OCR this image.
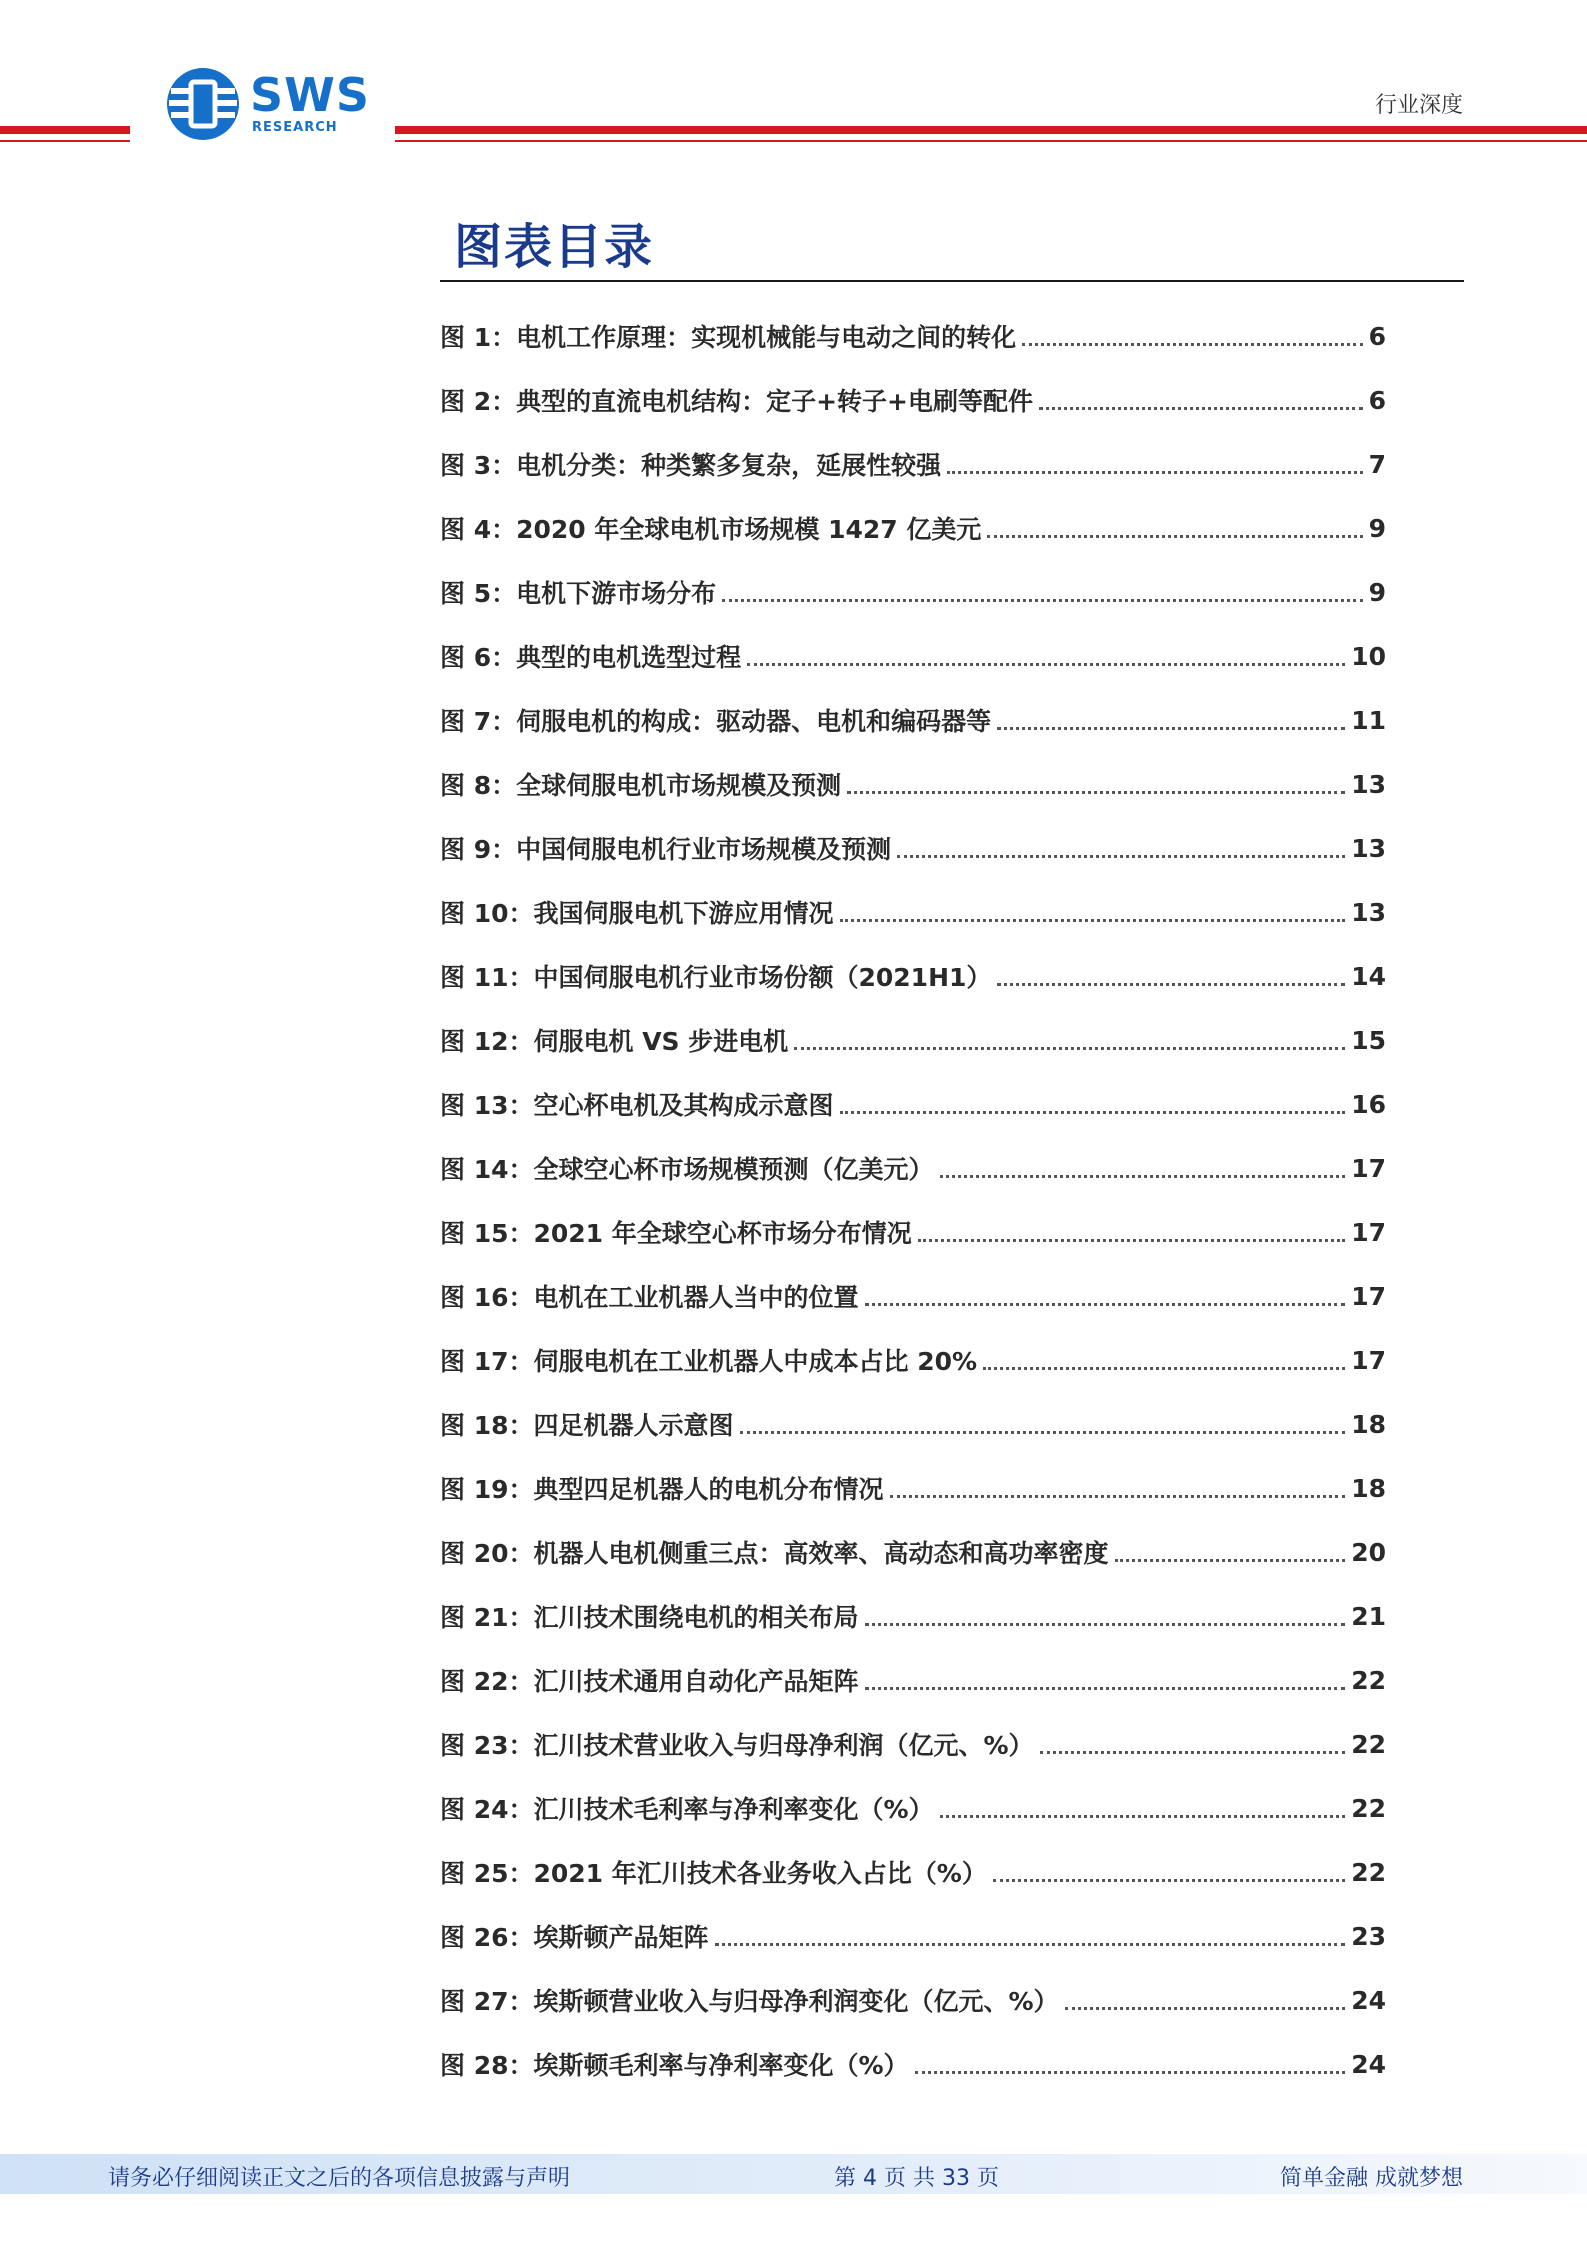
SWS
RESEARCH
行业深度
图表目录
图 1：电机工作原理：实现机械能与电动之间的转化	6
图 2：典型的直流电机结构：定子+转子+电刷等配件	6
图 3：电机分类：种类繁多复杂，延展性较强	7
图 4：2020 年全球电机市场规模 1427 亿美元	9
图 5：电机下游市场分布	9
图 6：典型的电机选型过程	10
图 7：伺服电机的构成：驱动器、电机和编码器等	11
图 8：全球伺服电机市场规模及预测	13
图 9：中国伺服电机行业市场规模及预测	13
图 10：我国伺服电机下游应用情况	13
图 11：中国伺服电机行业市场份额（2021H1）	14
图 12：伺服电机 VS 步进电机	15
图 13：空心杯电机及其构成示意图	16
图 14：全球空心杯市场规模预测（亿美元）	17
图 15：2021 年全球空心杯市场分布情况	17
图 16：电机在工业机器人当中的位置	17
图 17：伺服电机在工业机器人中成本占比 20%	17
图 18：四足机器人示意图	18
图 19：典型四足机器人的电机分布情况	18
图 20：机器人电机侧重三点：高效率、高动态和高功率密度	20
图 21：汇川技术围绕电机的相关布局	21
图 22：汇川技术通用自动化产品矩阵	22
图 23：汇川技术营业收入与归母净利润（亿元、%）	22
图 24：汇川技术毛利率与净利率变化（%）	22
图 25：2021 年汇川技术各业务收入占比（%）	22
图 26：埃斯顿产品矩阵	23
图 27：埃斯顿营业收入与归母净利润变化（亿元、%）	24
图 28：埃斯顿毛利率与净利率变化（%）	24
请务必仔细阅读正文之后的各项信息披露与声明	第 4 页 共 33 页	简单金融 成就梦想
